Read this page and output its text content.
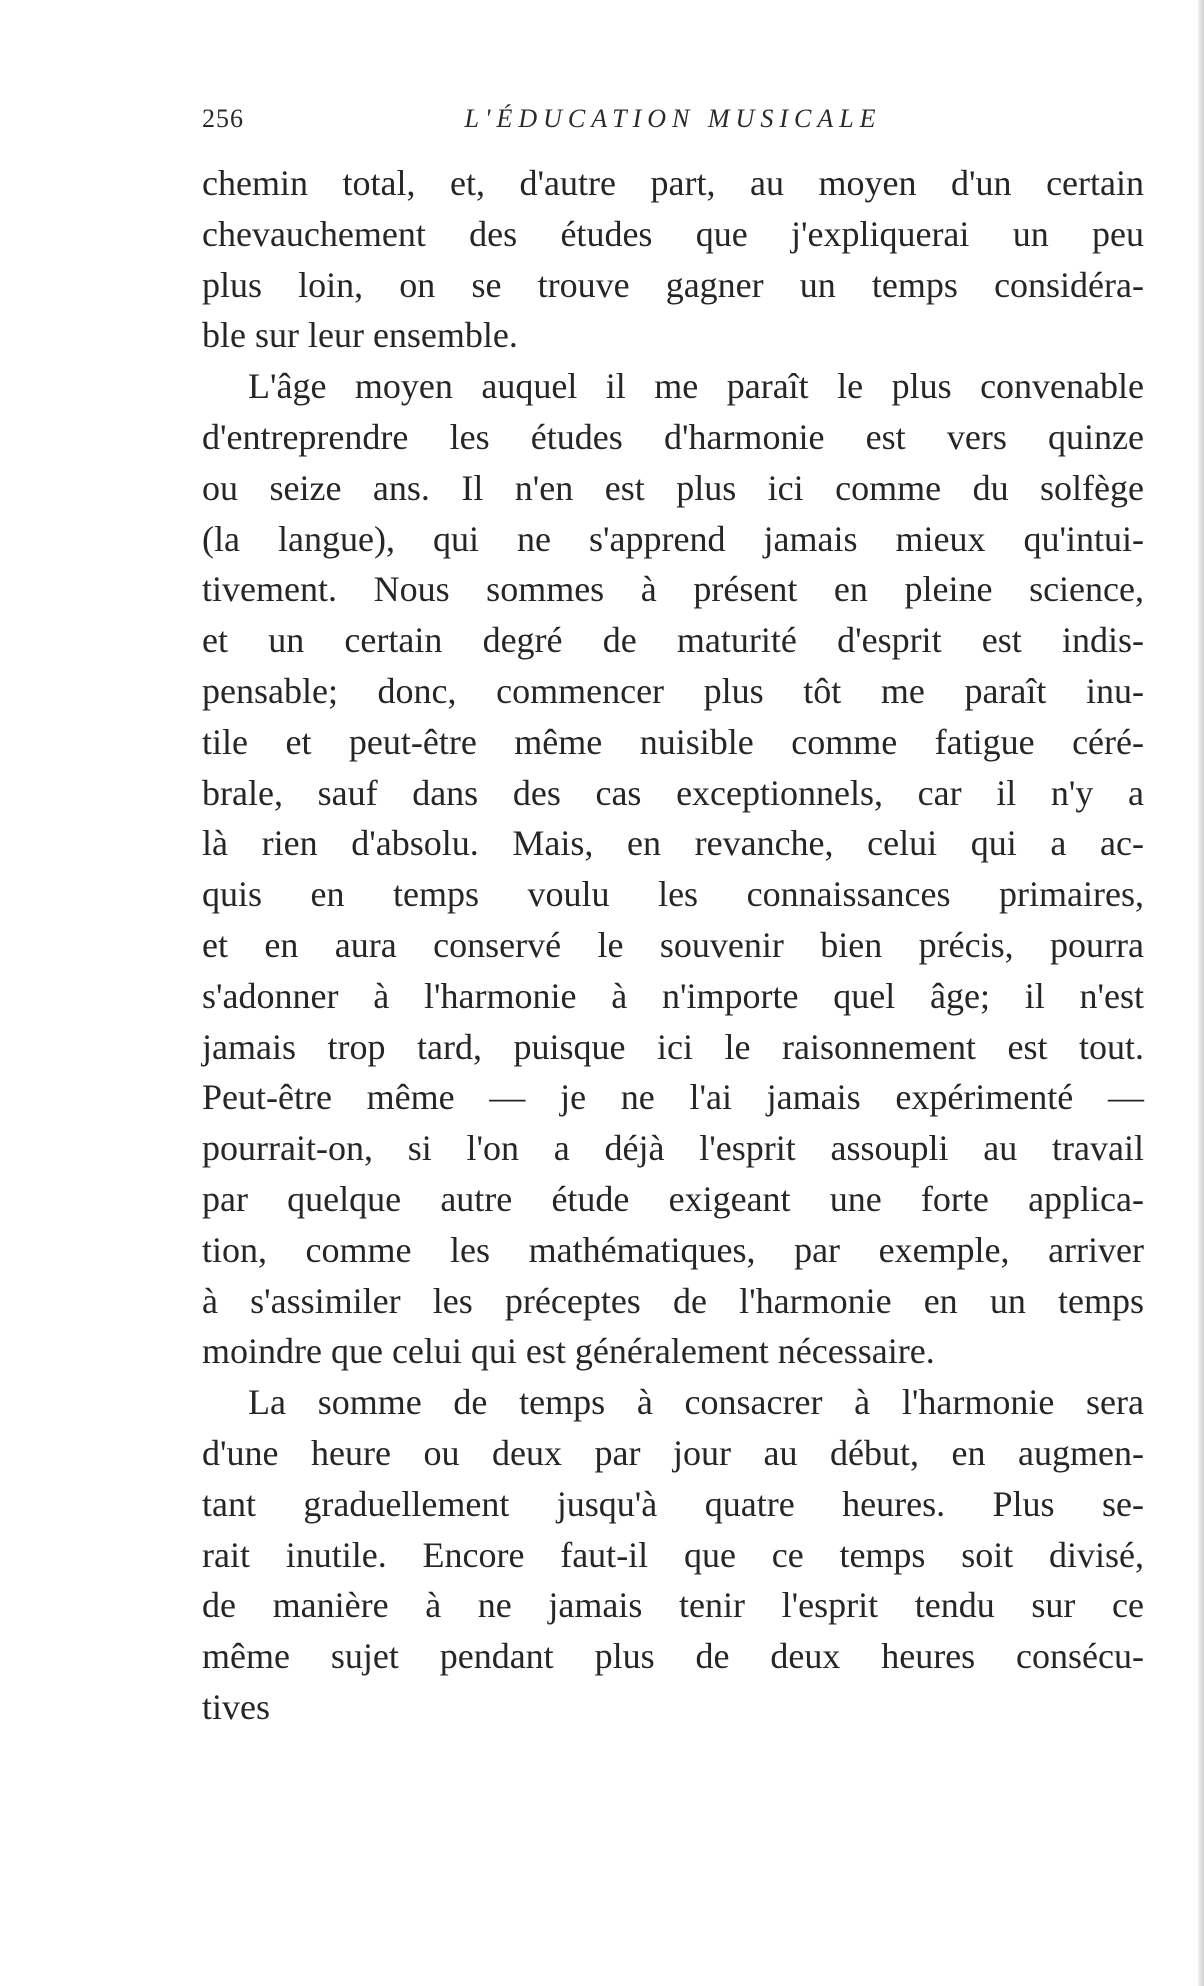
256	L'ÉDUCATION MUSICALE
chemin total, et, d'autre part, au moyen d'un certain
chevauchement des études que j'expliquerai un peu
plus loin, on se trouve gagner un temps considéra-
ble sur leur ensemble.
L'âge moyen auquel il me paraît le plus convenable
d'entreprendre les études d'harmonie est vers quinze
ou seize ans. Il n'en est plus ici comme du solfège
(la langue), qui ne s'apprend jamais mieux qu'intui-
tivement. Nous sommes à présent en pleine science,
et un certain degré de maturité d'esprit est indis-
pensable; donc, commencer plus tôt me paraît inu-
tile et peut-être même nuisible comme fatigue céré-
brale, sauf dans des cas exceptionnels, car il n'y a
là rien d'absolu. Mais, en revanche, celui qui a ac-
quis en temps voulu les connaissances primaires,
et en aura conservé le souvenir bien précis, pourra
s'adonner à l'harmonie à n'importe quel âge; il n'est
jamais trop tard, puisque ici le raisonnement est tout.
Peut-être même — je ne l'ai jamais expérimenté —
pourrait-on, si l'on a déjà l'esprit assoupli au travail
par quelque autre étude exigeant une forte applica-
tion, comme les mathématiques, par exemple, arriver
à s'assimiler les préceptes de l'harmonie en un temps
moindre que celui qui est généralement nécessaire.
La somme de temps à consacrer à l'harmonie sera
d'une heure ou deux par jour au début, en augmen-
tant graduellement jusqu'à quatre heures. Plus se-
rait inutile. Encore faut-il que ce temps soit divisé,
de manière à ne jamais tenir l'esprit tendu sur ce
même sujet pendant plus de deux heures consécu-
tives
